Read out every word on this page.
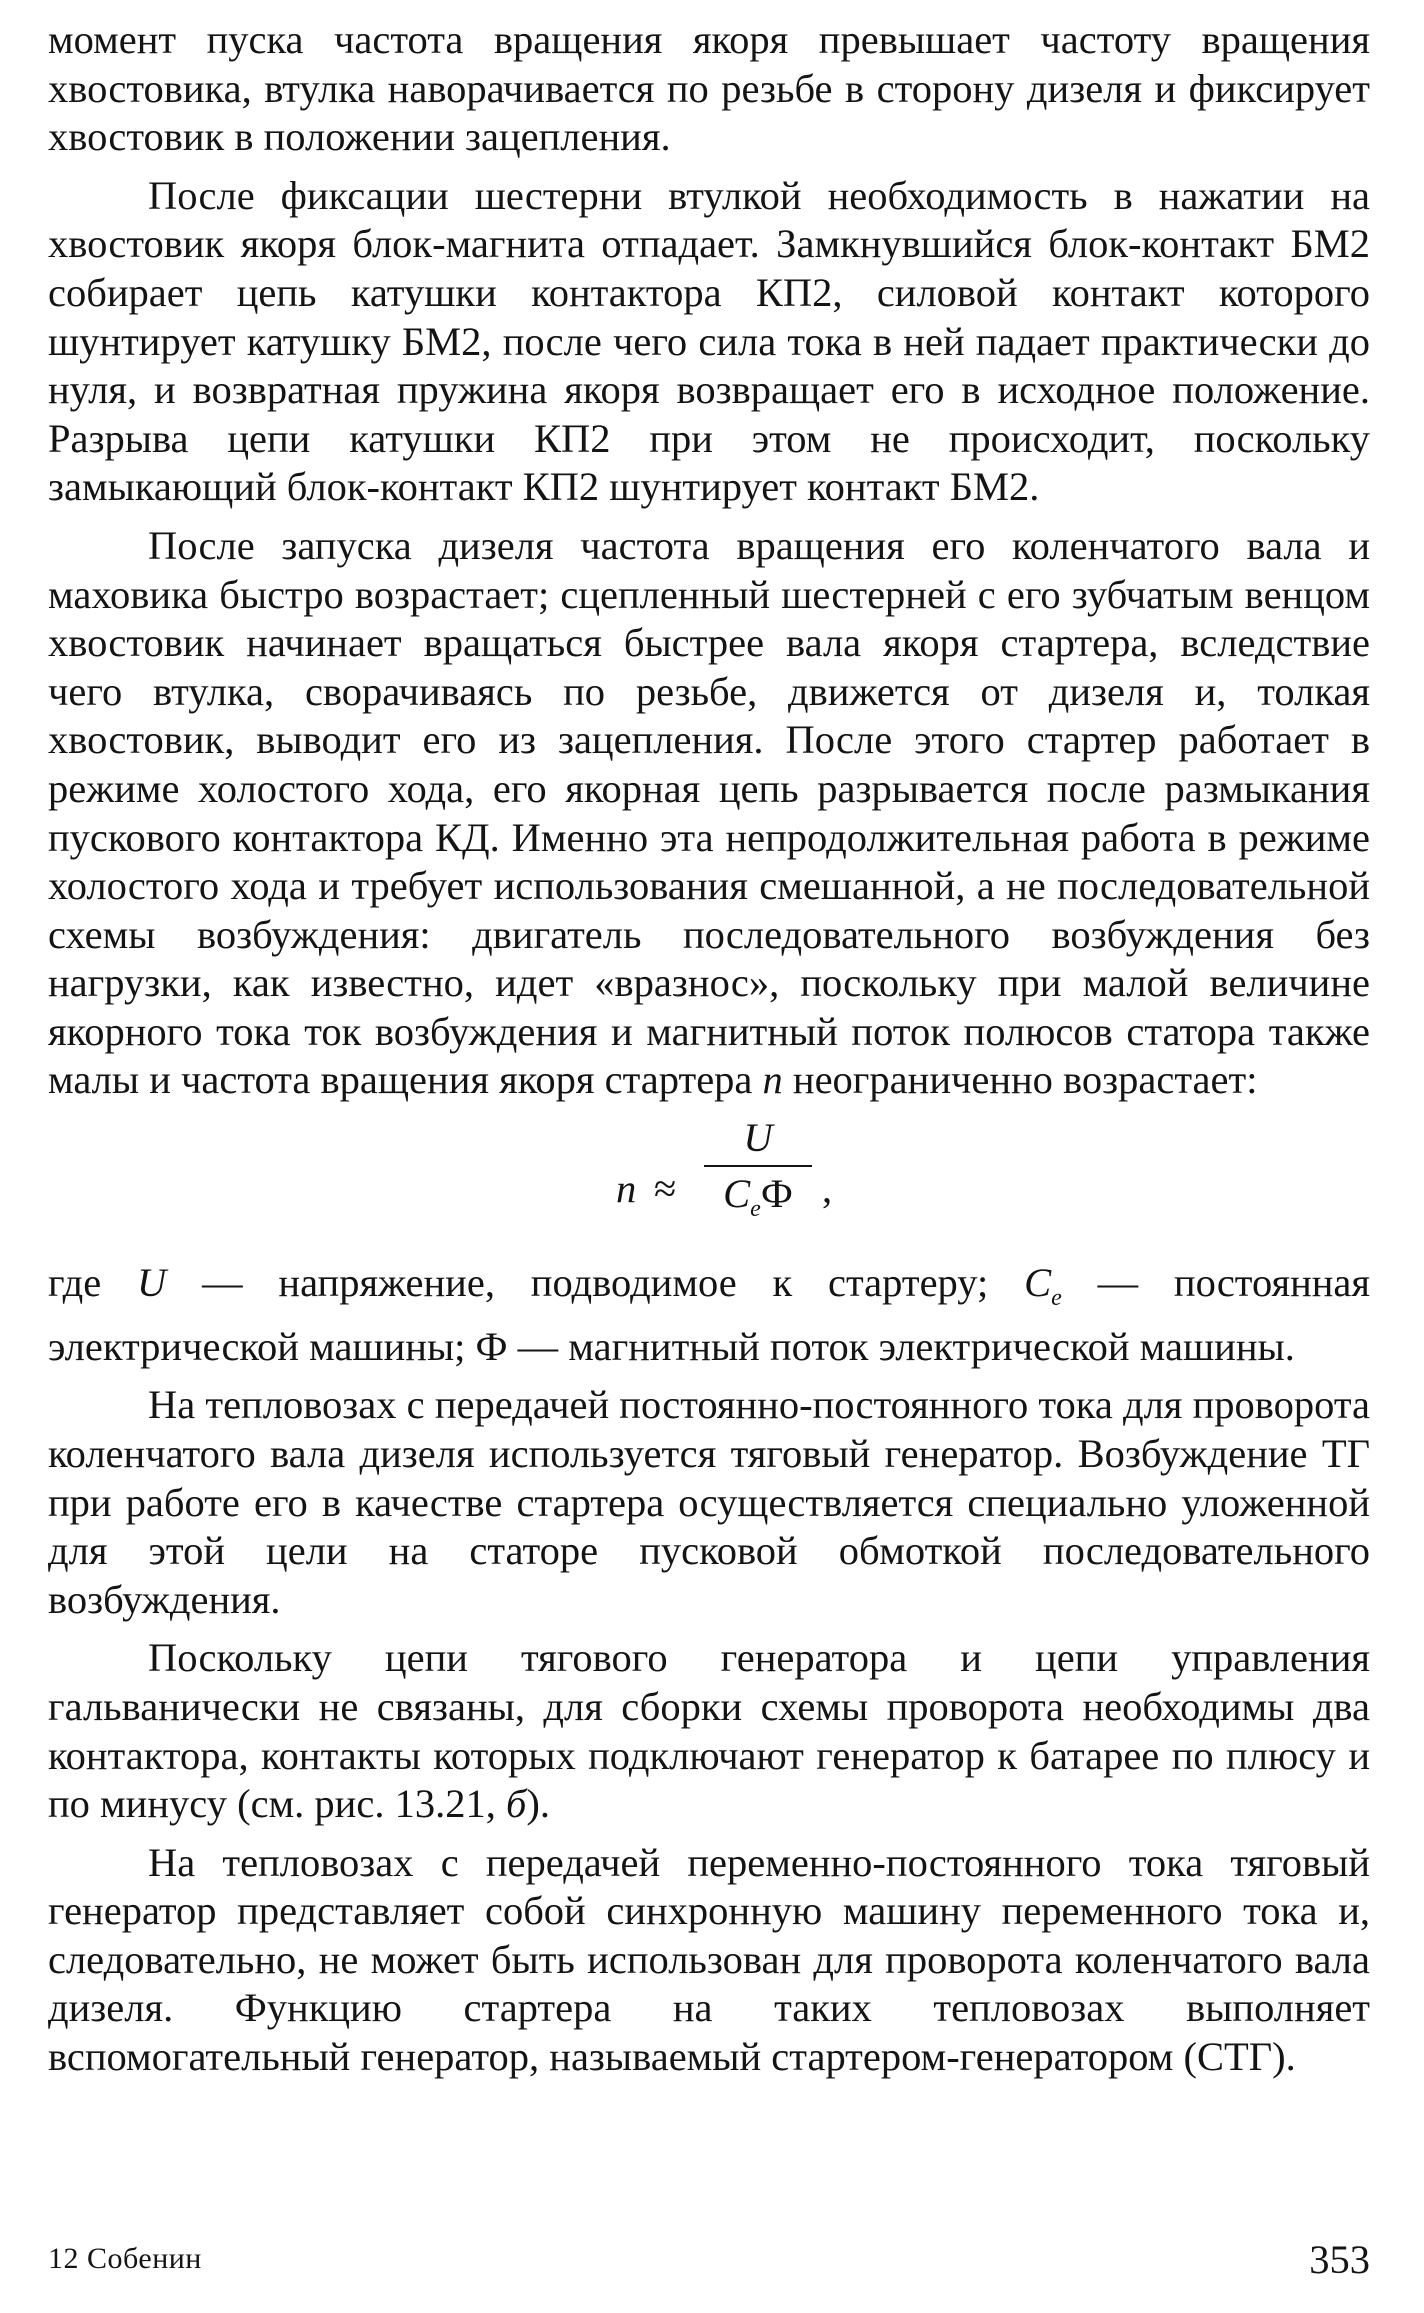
момент пуска частота вращения якоря превышает частоту вращения хвостовика, втулка наворачивается по резьбе в сторону дизеля и фиксирует хвостовик в положении зацепления.

После фиксации шестерни втулкой необходимость в нажатии на хвостовик якоря блок-магнита отпадает. Замкнувшийся блок-контакт БМ2 собирает цепь катушки контактора КП2, силовой контакт которого шунтирует катушку БМ2, после чего сила тока в ней падает практически до нуля, и возвратная пружина якоря возвращает его в исходное положение. Разрыва цепи катушки КП2 при этом не происходит, поскольку замыкающий блок-контакт КП2 шунтирует контакт БМ2.

После запуска дизеля частота вращения его коленчатого вала и маховика быстро возрастает; сцепленный шестерней с его зубчатым венцом хвостовик начинает вращаться быстрее вала якоря стартера, вследствие чего втулка, сворачиваясь по резьбе, движется от дизеля и, толкая хвостовик, выводит его из зацепления. После этого стартер работает в режиме холостого хода, его якорная цепь разрывается после размыкания пускового контактора КД. Именно эта непродолжительная работа в режиме холостого хода и требует использования смешанной, а не последовательной схемы возбуждения: двигатель последовательного возбуждения без нагрузки, как известно, идет «вразнос», поскольку при малой величине якорного тока ток возбуждения и магнитный поток полюсов статора также малы и частота вращения якоря стартера n неограниченно возрастает:

n ≈
U
$C_eФ$ ,

где U — напряжение, подводимое к стартеру; $C_e$ — постоянная электрической машины; Ф — магнитный поток электрической машины.

На тепловозах с передачей постоянно-постоянного тока для проворота коленчатого вала дизеля используется тяговый генератор. Возбуждение ТГ при работе его в качестве стартера осуществляется специально уложенной для этой цели на статоре пусковой обмоткой последовательного возбуждения.

Поскольку цепи тягового генератора и цепи управления гальванически не связаны, для сборки схемы проворота необходимы два контактора, контакты которых подключают генератор к батарее по плюсу и по минусу (см. рис. 13.21, б).

На тепловозах с передачей переменно-постоянного тока тяговый генератор представляет собой синхронную машину переменного тока и, следовательно, не может быть использован для проворота коленчатого вала дизеля. Функцию стартера на таких тепловозах выполняет вспомогательный генератор, называемый стартером-генератором (СТГ).

12 Собенин	353
